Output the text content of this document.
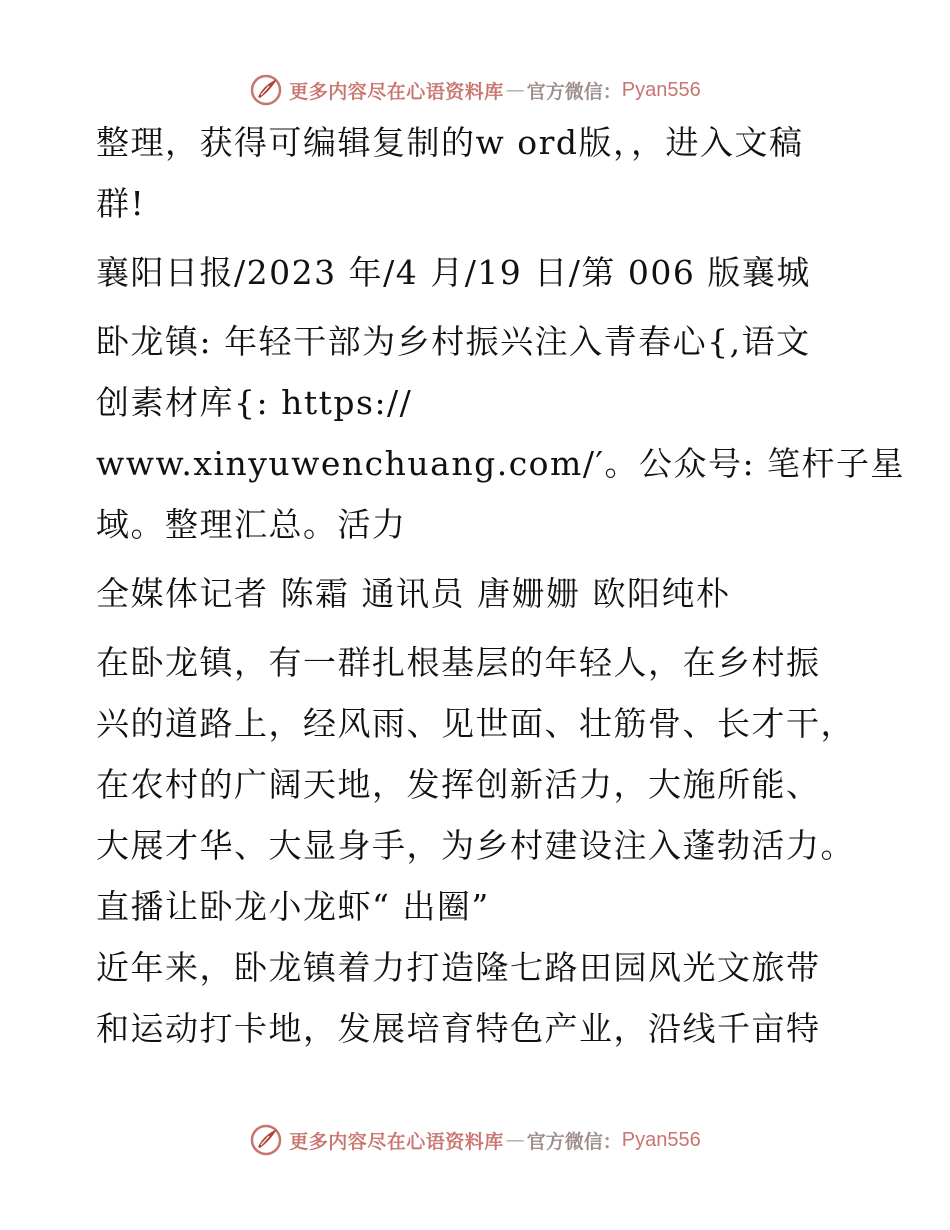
更多内容尽在心语资料库 — 官方微信： Pyan556

整理，获得可编辑复制的w ord版，，进入文稿

群!

襄阳日报/2023 年/4 月/19 日/第 006 版襄城

卧龙镇: 年轻干部为乡村振兴注入青春心{,语文

创素材库{: https://

www.xinyuwenchuang.com/′。公众号: 笔杆子星

域。整理汇总。活力

全媒体记者 陈霜 通讯员 唐姗姗 欧阳纯朴

在卧龙镇，有一群扎根基层的年轻人，在乡村振

兴的道路上，经风雨、见世面、壮筋骨、长才干，

在农村的广阔天地，发挥创新活力，大施所能、

大展才华、大显身手，为乡村建设注入蓬勃活力。

直播让卧龙小龙虾“ 出圈”

近年来，卧龙镇着力打造隆七路田园风光文旅带

和运动打卡地，发展培育特色产业，沿线千亩特

更多内容尽在心语资料库 — 官方微信： Pyan556
